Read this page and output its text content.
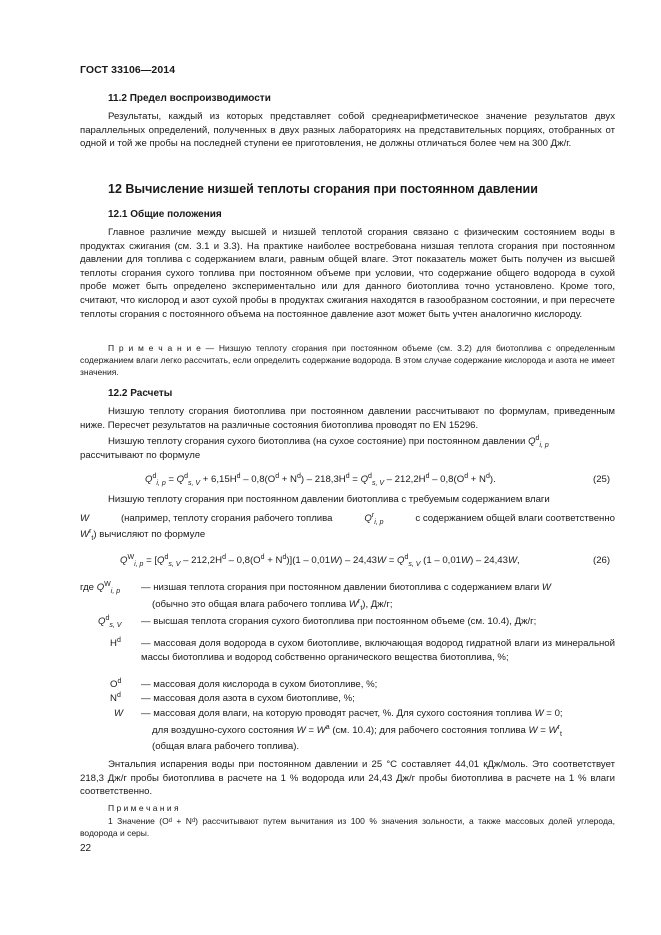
ГОСТ 33106—2014
11.2 Предел воспроизводимости
Результаты, каждый из которых представляет собой среднеарифметическое значение результатов двух параллельных определений, полученных в двух разных лабораториях на представительных порциях, отобранных от одной и той же пробы на последней ступени ее приготовления, не должны отличаться более чем на 300 Дж/г.
12 Вычисление низшей теплоты сгорания при постоянном давлении
12.1 Общие положения
Главное различие между высшей и низшей теплотой сгорания связано с физическим состоянием воды в продуктах сжигания (см. 3.1 и 3.3). На практике наиболее востребована низшая теплота сгорания при постоянном давлении для топлива с содержанием влаги, равным общей влаге. Этот показатель может быть получен из высшей теплоты сгорания сухого топлива при постоянном объеме при условии, что содержание общего водорода в сухой пробе может быть определено экспериментально или для данного биотоплива точно установлено. Кроме того, считают, что кислород и азот сухой пробы в продуктах сжигания находятся в газообразном состоянии, и при пересчете теплоты сгорания с постоянного объема на постоянное давление азот может быть учтен аналогично кислороду.
П р и м е ч а н и е — Низшую теплоту сгорания при постоянном объеме (см. 3.2) для биотоплива с определенным содержанием влаги легко рассчитать, если определить содержание водорода. В этом случае содержание кислорода и азота не имеет значения.
12.2 Расчеты
Низшую теплоту сгорания биотоплива при постоянном давлении рассчитывают по формулам, приведенным ниже. Пересчет результатов на различные состояния биотоплива проводят по EN 15296.
Низшую теплоту сгорания сухого биотоплива (на сухое состояние) при постоянном давлении $Q^d_{i, p}$
рассчитывают по формуле
$Q^d_{i, p} = Q^d_{s, V} + 6,15H^d - 0,8(O^d + N^d) - 218,3H^d = Q^d_{s, V} - 212,2H^d - 0,8(O^d + N^d)$.	(25)
Низшую теплоту сгорания при постоянном давлении биотоплива с требуемым содержанием влаги
W	(например, теплоту сгорания рабочего топлива	$Q^r_{i, p}$	с содержанием общей влаги соответственно
$W^r_t$) вычисляют по формуле
$Q^W_{i, p} = [Q^d_{s, V} - 212,2H^d - 0,8(O^d + N^d)](1 - 0,01W) - 24,43W = Q^d_{s, V}$ (1 – 0,01W) – 24,43W,	(26)
где $Q^W_{i, p}$ — низшая теплота сгорания при постоянном давлении биотоплива с содержанием влаги W
(обычно это общая влага рабочего топлива $W^r_t$), Дж/г;
$Q^d_{s, V}$ — высшая теплота сгорания сухого биотоплива при постоянном объеме (см. 10.4), Дж/г;
$H^d$ — массовая доля водорода в сухом биотопливе, включающая водород гидратной влаги из минеральной массы биотоплива и водород собственно органического вещества биотоплива, %;
$O^d$ — массовая доля кислорода в сухом биотопливе, %;
$N^d$ — массовая доля азота в сухом биотопливе, %;
W — массовая доля влаги, на которую проводят расчет, %. Для сухого состояния топлива W = 0;
для воздушно-сухого состояния $W = W^a$ (см. 10.4); для рабочего состояния топлива $W = W^r_t$
(общая влага рабочего топлива).
Энтальпия испарения воды при постоянном давлении и 25 °C составляет 44,01 кДж/моль. Это соответствует 218,3 Дж/г пробы биотоплива в расчете на 1 % водорода или 24,43 Дж/г пробы биотоплива в расчете на 1 % влаги соответственно.
П р и м е ч а н и я
1 Значение (Oᵈ + Nᵈ) рассчитывают путем вычитания из 100 % значения зольности, а также массовых долей углерода, водорода и серы.
22
